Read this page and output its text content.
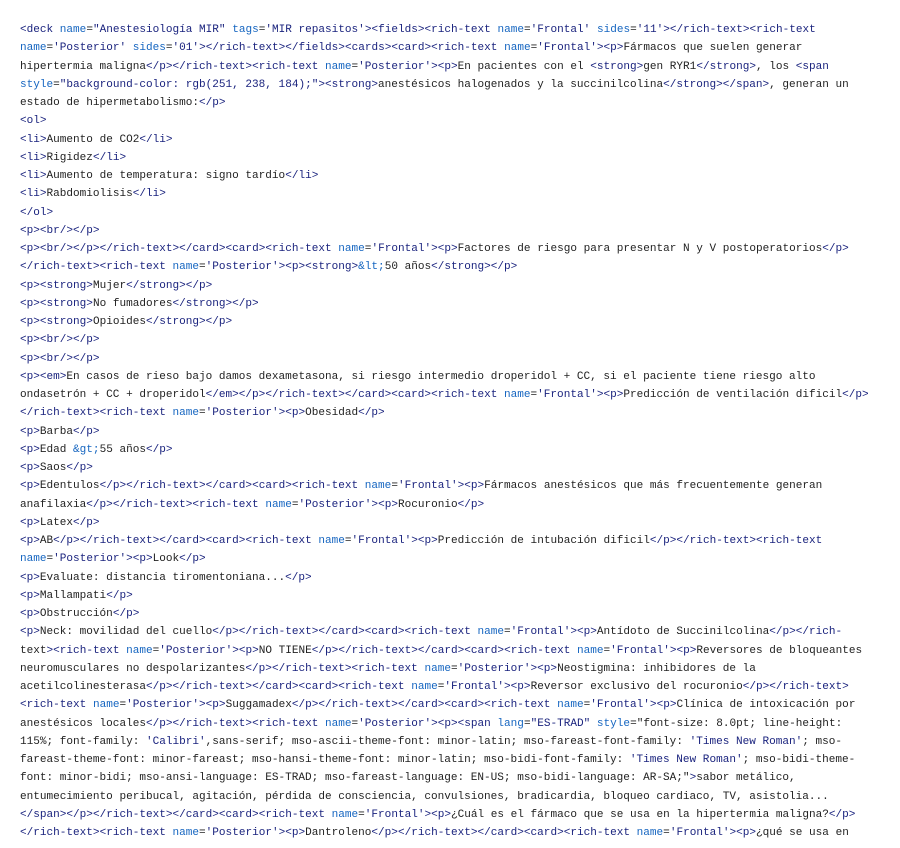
<deck name="Anestesiología MIR" tags='MIR repasitos'><fields><rich-text name='Frontal' sides='11'></rich-text><rich-text
name='Posterior' sides='01'></rich-text></fields><cards><card><rich-text name='Frontal'><p>Fármacos que suelen generar
hipertermia maligna</p></rich-text><rich-text name='Posterior'><p>En pacientes con el <strong>gen RYR1</strong>, los <span
style="background-color: rgb(251, 238, 184);"><strong>anestésicos halogenados y la succinilcolina</strong></span>, generan un
estado de hipermetabolismo:</p>
<ol>
<li>Aumento de CO2</li>
<li>Rigidez</li>
<li>Aumento de temperatura: signo tardío</li>
<li>Rabdomiolisis</li>
</ol>
<p><br/></p>
<p><br/></p></rich-text></card><card><rich-text name='Frontal'><p>Factores de riesgo para presentar N y V postoperatorios</p>
</rich-text><rich-text name='Posterior'><p><strong>&lt;50 años</strong></p>
<p><strong>Mujer</strong></p>
<p><strong>No fumadores</strong></p>
<p><strong>Opioides</strong></p>
<p><br/></p>
<p><br/></p>
<p><em>En casos de rieso bajo damos dexametasona, si riesgo intermedio droperidol + CC, si el paciente tiene riesgo alto
ondasetrón + CC + droperidol</em></p></rich-text></card><card><rich-text name='Frontal'><p>Predicción de ventilación dificil</p>
</rich-text><rich-text name='Posterior'><p>Obesidad</p>
<p>Barba</p>
<p>Edad &gt;55 años</p>
<p>Saos</p>
<p>Edentulos</p></rich-text></card><card><rich-text name='Frontal'><p>Fármacos anestésicos que más frecuentemente generan
anafilaxia</p></rich-text><rich-text name='Posterior'><p>Rocuronio</p>
<p>Latex</p>
<p>AB</p></rich-text></card><card><rich-text name='Frontal'><p>Predicción de intubación dificil</p></rich-text><rich-text
name='Posterior'><p>Look</p>
<p>Evaluate: distancia tiromentoniana...</p>
<p>Mallampati</p>
<p>Obstrucción</p>
<p>Neck: movilidad del cuello</p></rich-text></card><card><rich-text name='Frontal'><p>Antídoto de Succinilcolina</p></rich-
text><rich-text name='Posterior'><p>NO TIENE</p></rich-text></card><card><rich-text name='Frontal'><p>Reversores de bloqueantes
neuromusculares no despolarizantes</p></rich-text><rich-text name='Posterior'><p>Neostigmina: inhibidores de la
acetilcolinesterasa</p></rich-text></card><card><rich-text name='Frontal'><p>Reversor exclusivo del rocuronio</p></rich-text>
<rich-text name='Posterior'><p>Suggamadex</p></rich-text></card><card><rich-text name='Frontal'><p>Clínica de intoxicación por
anestésicos locales</p></rich-text><rich-text name='Posterior'><p><span lang="ES-TRAD" style="font-size: 8.0pt; line-height:
115%; font-family: 'Calibri',sans-serif; mso-ascii-theme-font: minor-latin; mso-fareast-font-family: 'Times New Roman'; mso-
fareast-theme-font: minor-fareast; mso-hansi-theme-font: minor-latin; mso-bidi-font-family: 'Times New Roman'; mso-bidi-theme-
font: minor-bidi; mso-ansi-language: ES-TRAD; mso-fareast-language: EN-US; mso-bidi-language: AR-SA;">sabor metálico,
entumecimiento peribucal, agitación, pérdida de consciencia, convulsiones, bradicardia, bloqueo cardiaco, TV, asistolia...
</span></p></rich-text></card><card><rich-text name='Frontal'><p>¿Cuál es el fármaco que se usa en la hipertermia maligna?</p>
</rich-text><rich-text name='Posterior'><p>Dantroleno</p></rich-text></card><card><rich-text name='Frontal'><p>¿qué se usa en
